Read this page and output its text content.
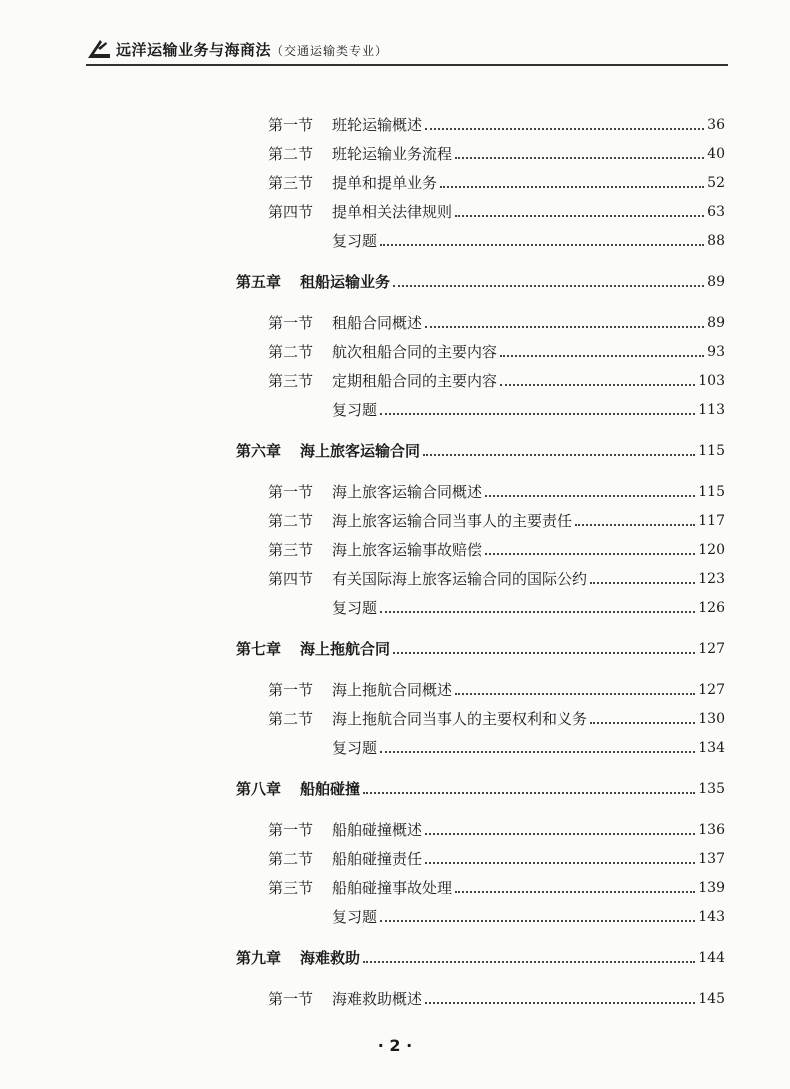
远洋运输业务与海商法（交通运输类专业）
第一节	班轮运输概述	36
第二节	班轮运输业务流程	40
第三节	提单和提单业务	52
第四节	提单相关法律规则	63
复习题	88
第五章	租船运输业务	89
第一节	租船合同概述	89
第二节	航次租船合同的主要内容	93
第三节	定期租船合同的主要内容	103
复习题	113
第六章	海上旅客运输合同	115
第一节	海上旅客运输合同概述	115
第二节	海上旅客运输合同当事人的主要责任	117
第三节	海上旅客运输事故赔偿	120
第四节	有关国际海上旅客运输合同的国际公约	123
复习题	126
第七章	海上拖航合同	127
第一节	海上拖航合同概述	127
第二节	海上拖航合同当事人的主要权利和义务	130
复习题	134
第八章	船舶碰撞	135
第一节	船舶碰撞概述	136
第二节	船舶碰撞责任	137
第三节	船舶碰撞事故处理	139
复习题	143
第九章	海难救助	144
第一节	海难救助概述	145
· 2 ·
